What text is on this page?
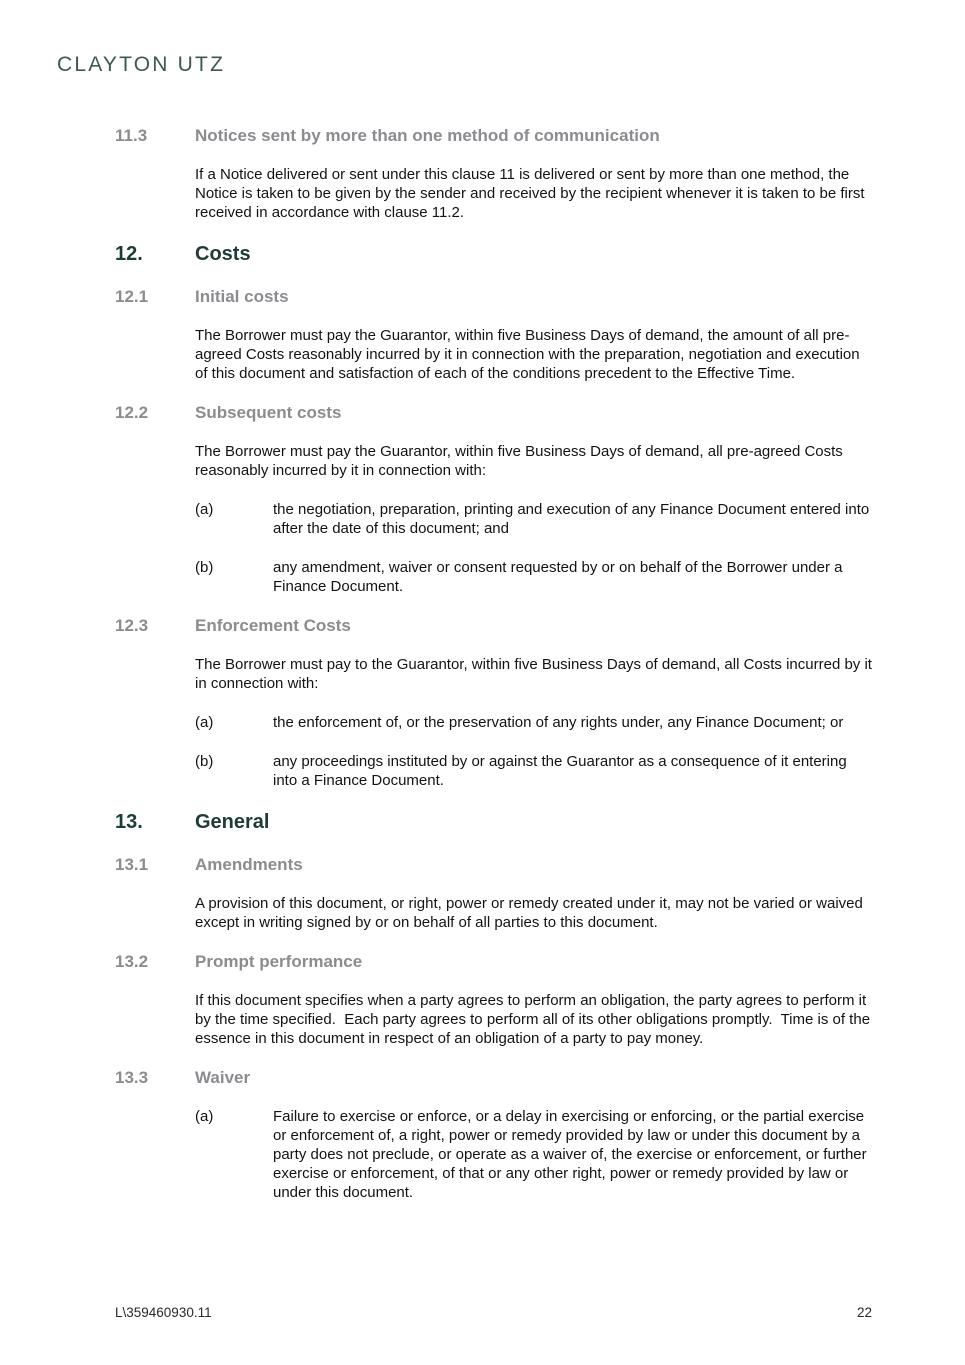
CLAYTON UTZ
11.3	Notices sent by more than one method of communication
If a Notice delivered or sent under this clause 11 is delivered or sent by more than one method, the Notice is taken to be given by the sender and received by the recipient whenever it is taken to be first received in accordance with clause 11.2.
12.	Costs
12.1	Initial costs
The Borrower must pay the Guarantor, within five Business Days of demand, the amount of all pre-agreed Costs reasonably incurred by it in connection with the preparation, negotiation and execution of this document and satisfaction of each of the conditions precedent to the Effective Time.
12.2	Subsequent costs
The Borrower must pay the Guarantor, within five Business Days of demand, all pre-agreed Costs reasonably incurred by it in connection with:
(a)	the negotiation, preparation, printing and execution of any Finance Document entered into after the date of this document; and
(b)	any amendment, waiver or consent requested by or on behalf of the Borrower under a Finance Document.
12.3	Enforcement Costs
The Borrower must pay to the Guarantor, within five Business Days of demand, all Costs incurred by it in connection with:
(a)	the enforcement of, or the preservation of any rights under, any Finance Document; or
(b)	any proceedings instituted by or against the Guarantor as a consequence of it entering into a Finance Document.
13.	General
13.1	Amendments
A provision of this document, or right, power or remedy created under it, may not be varied or waived except in writing signed by or on behalf of all parties to this document.
13.2	Prompt performance
If this document specifies when a party agrees to perform an obligation, the party agrees to perform it by the time specified.  Each party agrees to perform all of its other obligations promptly.  Time is of the essence in this document in respect of an obligation of a party to pay money.
13.3	Waiver
(a)	Failure to exercise or enforce, or a delay in exercising or enforcing, or the partial exercise or enforcement of, a right, power or remedy provided by law or under this document by a party does not preclude, or operate as a waiver of, the exercise or enforcement, or further exercise or enforcement, of that or any other right, power or remedy provided by law or under this document.
L\359460930.11	22
